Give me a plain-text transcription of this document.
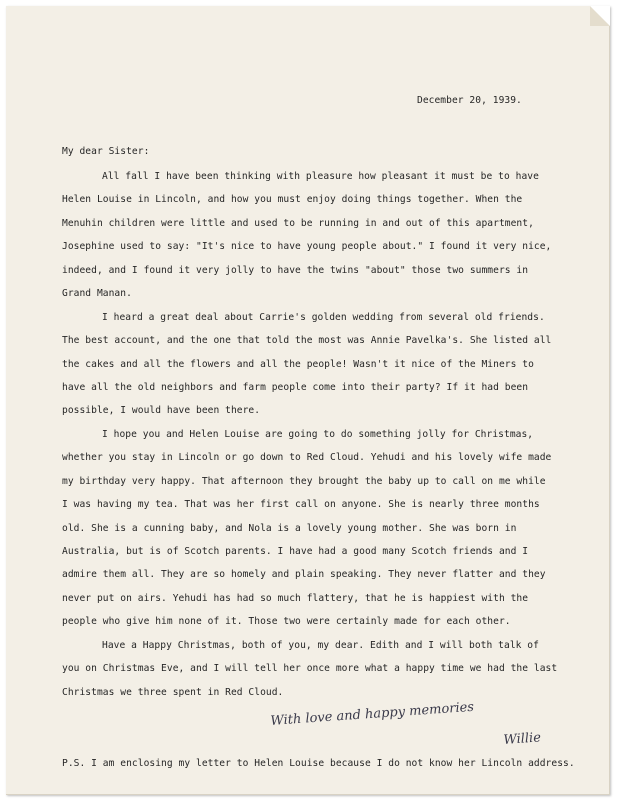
December 20, 1939.

My dear Sister:

All fall I have been thinking with pleasure how pleasant it must be to have
Helen Louise in Lincoln, and how you must enjoy doing things together. When the
Menuhin children were little and used to be running in and out of this apartment,
Josephine used to say: "It's nice to have young people about." I found it very nice,
indeed, and I found it very jolly to have the twins "about" those two summers in
Grand Manan.
I heard a great deal about Carrie's golden wedding from several old friends.
The best account, and the one that told the most was Annie Pavelka's. She listed all
the cakes and all the flowers and all the people! Wasn't it nice of the Miners to
have all the old neighbors and farm people come into their party? If it had been
possible, I would have been there.
I hope you and Helen Louise are going to do something jolly for Christmas,
whether you stay in Lincoln or go down to Red Cloud. Yehudi and his lovely wife made
my birthday very happy. That afternoon they brought the baby up to call on me while
I was having my tea. That was her first call on anyone. She is nearly three months
old. She is a cunning baby, and Nola is a lovely young mother. She was born in
Australia, but is of Scotch parents. I have had a good many Scotch friends and I
admire them all. They are so homely and plain speaking. They never flatter and they
never put on airs. Yehudi has had so much flattery, that he is happiest with the
people who give him none of it. Those two were certainly made for each other.
Have a Happy Christmas, both of you, my dear. Edith and I will both talk of
you on Christmas Eve, and I will tell her once more what a happy time we had the last
Christmas we three spent in Red Cloud.

With love and happy memories

Willie

P.S. I am enclosing my letter to Helen Louise because I do not know her Lincoln address.
